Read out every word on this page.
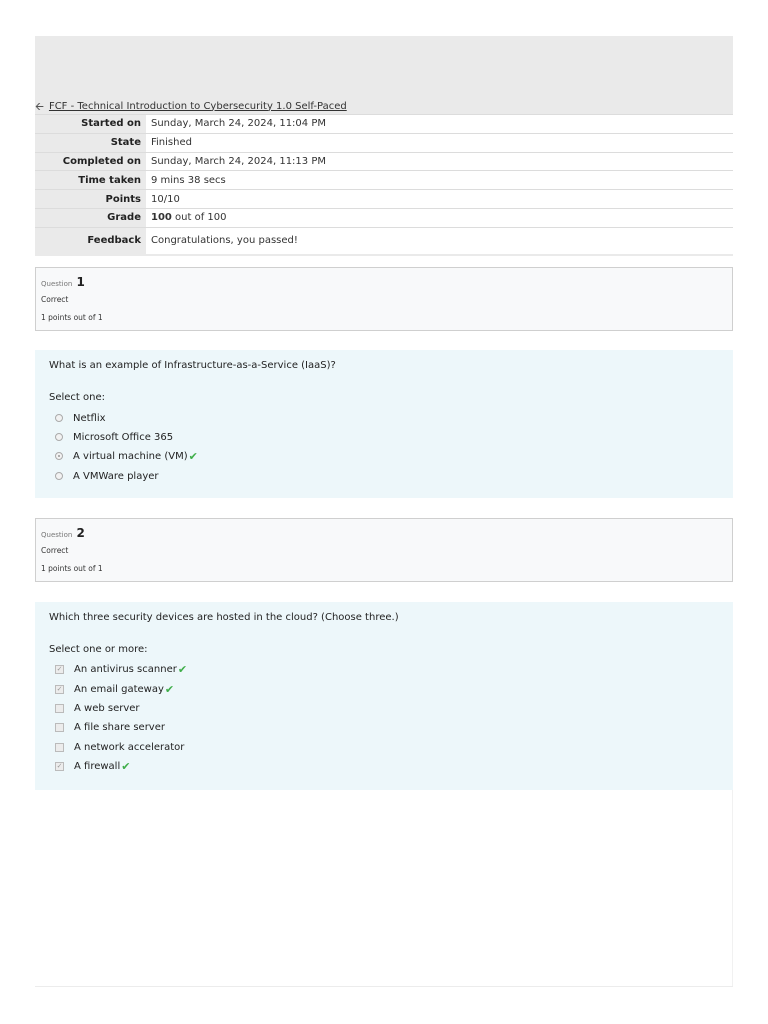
🡨 FCF - Technical Introduction to Cybersecurity 1.0 Self-Paced
Started on	Sunday, March 24, 2024, 11:04 PM
State	Finished
Completed on	Sunday, March 24, 2024, 11:13 PM
Time taken	9 mins 38 secs
Points	10/10
Grade	100 out of 100
Feedback	Congratulations, you passed!
Question 1
Correct
1 points out of 1
What is an example of Infrastructure-as-a-Service (IaaS)?
Select one:
Netflix
Microsoft Office 365
A virtual machine (VM) ✔
A VMWare player
Question 2
Correct
1 points out of 1
Which three security devices are hosted in the cloud? (Choose three.)
Select one or more:
✓ An antivirus scanner ✔
✓ An email gateway ✔
A web server
A file share server
A network accelerator
✓ A firewall ✔
